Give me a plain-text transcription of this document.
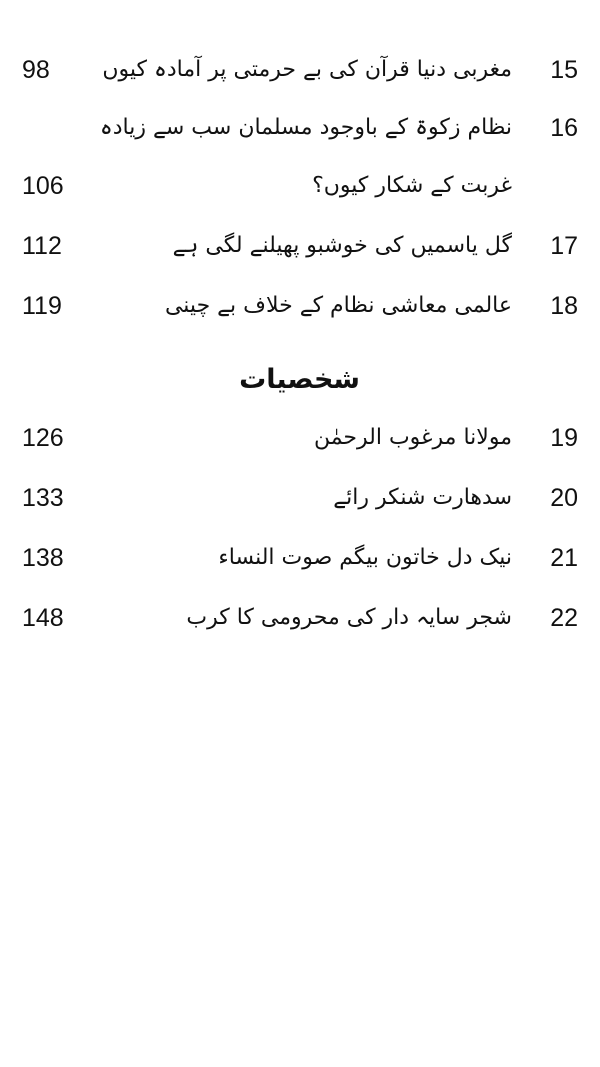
15
مغربی دنیا قرآن کی بے حرمتی پر آمادہ کیوں
98
16
نظام زکوۃ کے باوجود مسلمان سب سے زیادہ
غربت کے شکار کیوں؟
106
17
گل یاسمیں کی خوشبو پھیلنے لگی ہے
112
18
عالمی معاشی نظام کے خلاف بے چینی
119
شخصیات
19
مولانا مرغوب الرحمٰن
126
20
سدھارت شنکر رائے
133
21
نیک دل خاتون بیگم صوت النساء
138
22
شجر سایہ دار کی محرومی کا کرب
148
